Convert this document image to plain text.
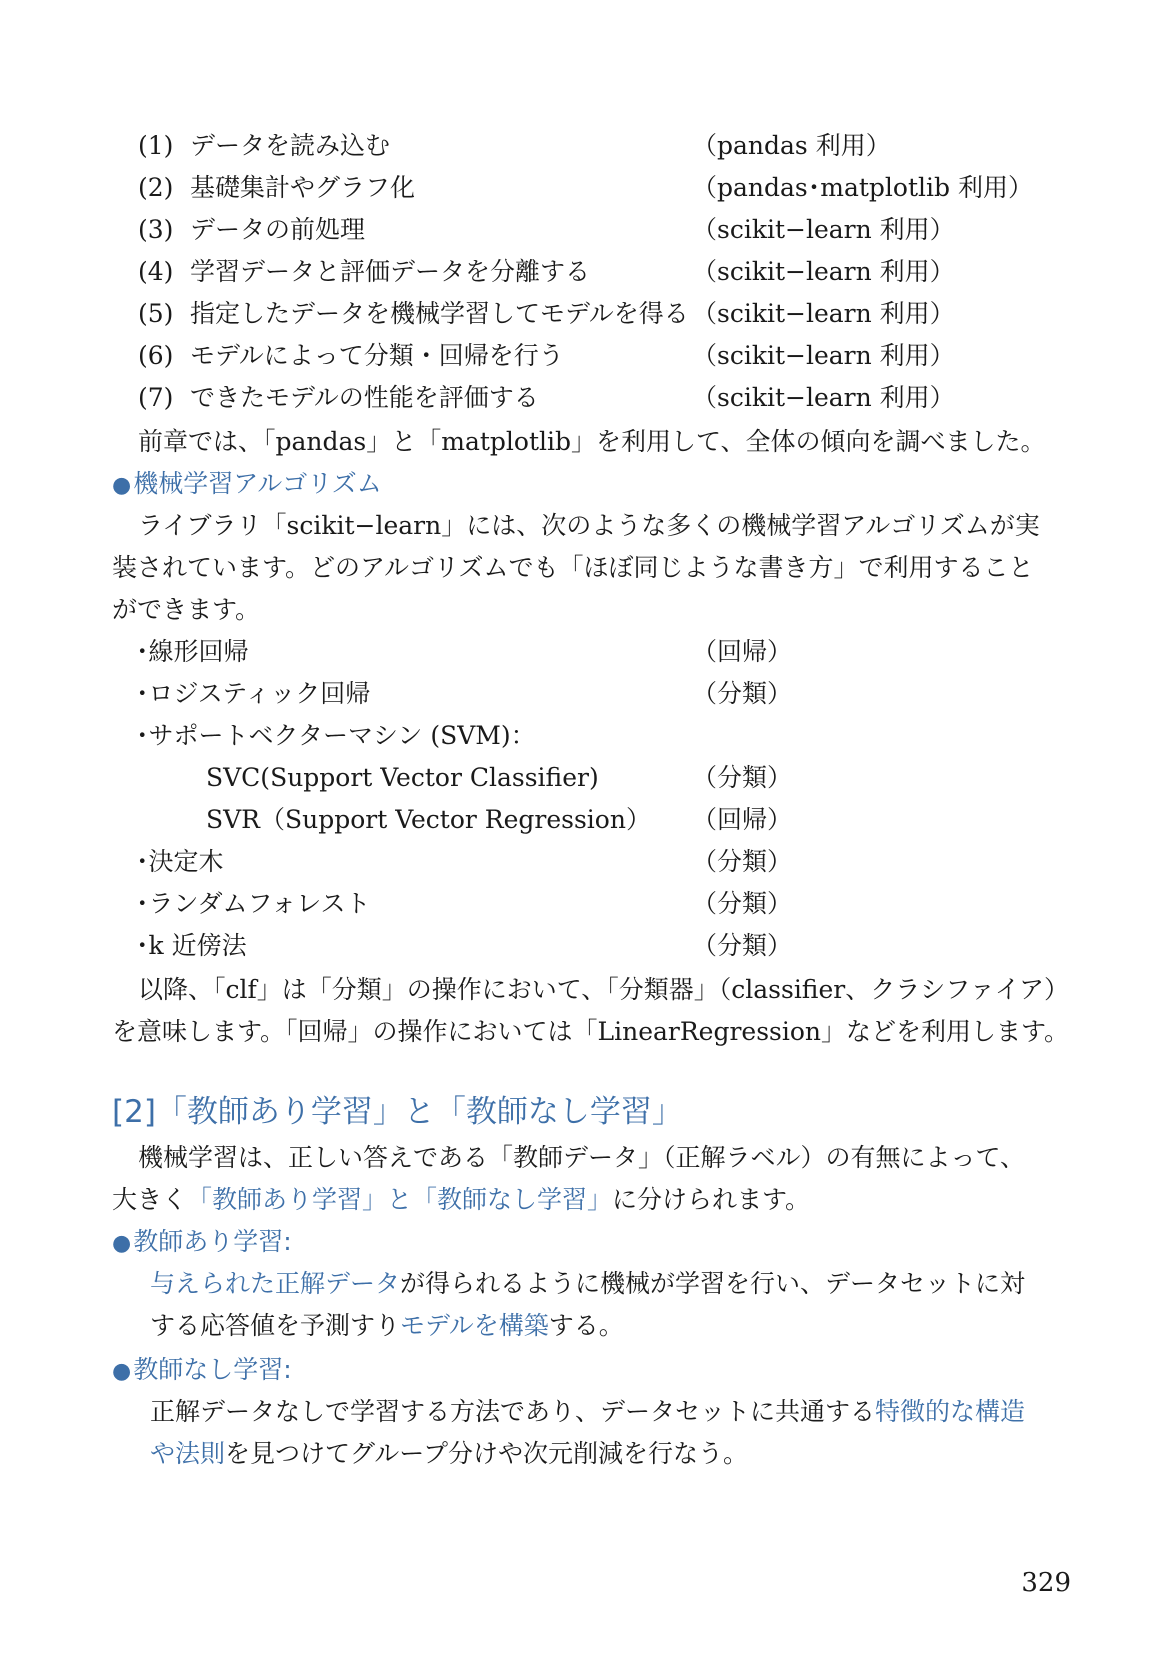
(1) データを読み込む	（pandas 利用）
(2) 基礎集計やグラフ化	（pandas･matplotlib 利用）
(3) データの前処理	（scikit−learn 利用）
(4) 学習データと評価データを分離する	（scikit−learn 利用）
(5) 指定したデータを機械学習してモデルを得る （scikit−learn 利用）
(6) モデルによって分類・回帰を行う	（scikit−learn 利用）
(7) できたモデルの性能を評価する	（scikit−learn 利用）
前章では、「pandas」と「matplotlib」を利用して、全体の傾向を調べました。
●機械学習アルゴリズム
ライブラリ「scikit−learn」には、次のような多くの機械学習アルゴリズムが実
装されています。どのアルゴリズムでも「ほぼ同じような書き方」で利用すること
ができます。
･線形回帰	（回帰）
･ロジスティック回帰	（分類）
･サポートベクターマシン (SVM)：
SVC(Support Vector Classifier)	（分類）
SVR（Support Vector Regression） （回帰）
･決定木	（分類）
･ランダムフォレスト	（分類）
･k 近傍法	（分類）
以降、「clf」は「分類」の操作において、「分類器」（classifier、クラシファイア）
を意味します。「回帰」の操作においては「LinearRegression」などを利用します。
[2]「教師あり学習」と「教師なし学習」
機械学習は、正しい答えである「教師データ」（正解ラベル）の有無によって、
大きく「教師あり学習」と「教師なし学習」に分けられます。
●教師あり学習:
与えられた正解データが得られるように機械が学習を行い、データセットに対
する応答値を予測すりモデルを構築する。
●教師なし学習:
正解データなしで学習する方法であり、データセットに共通する特徴的な構造
や法則を見つけてグループ分けや次元削減を行なう。
329
